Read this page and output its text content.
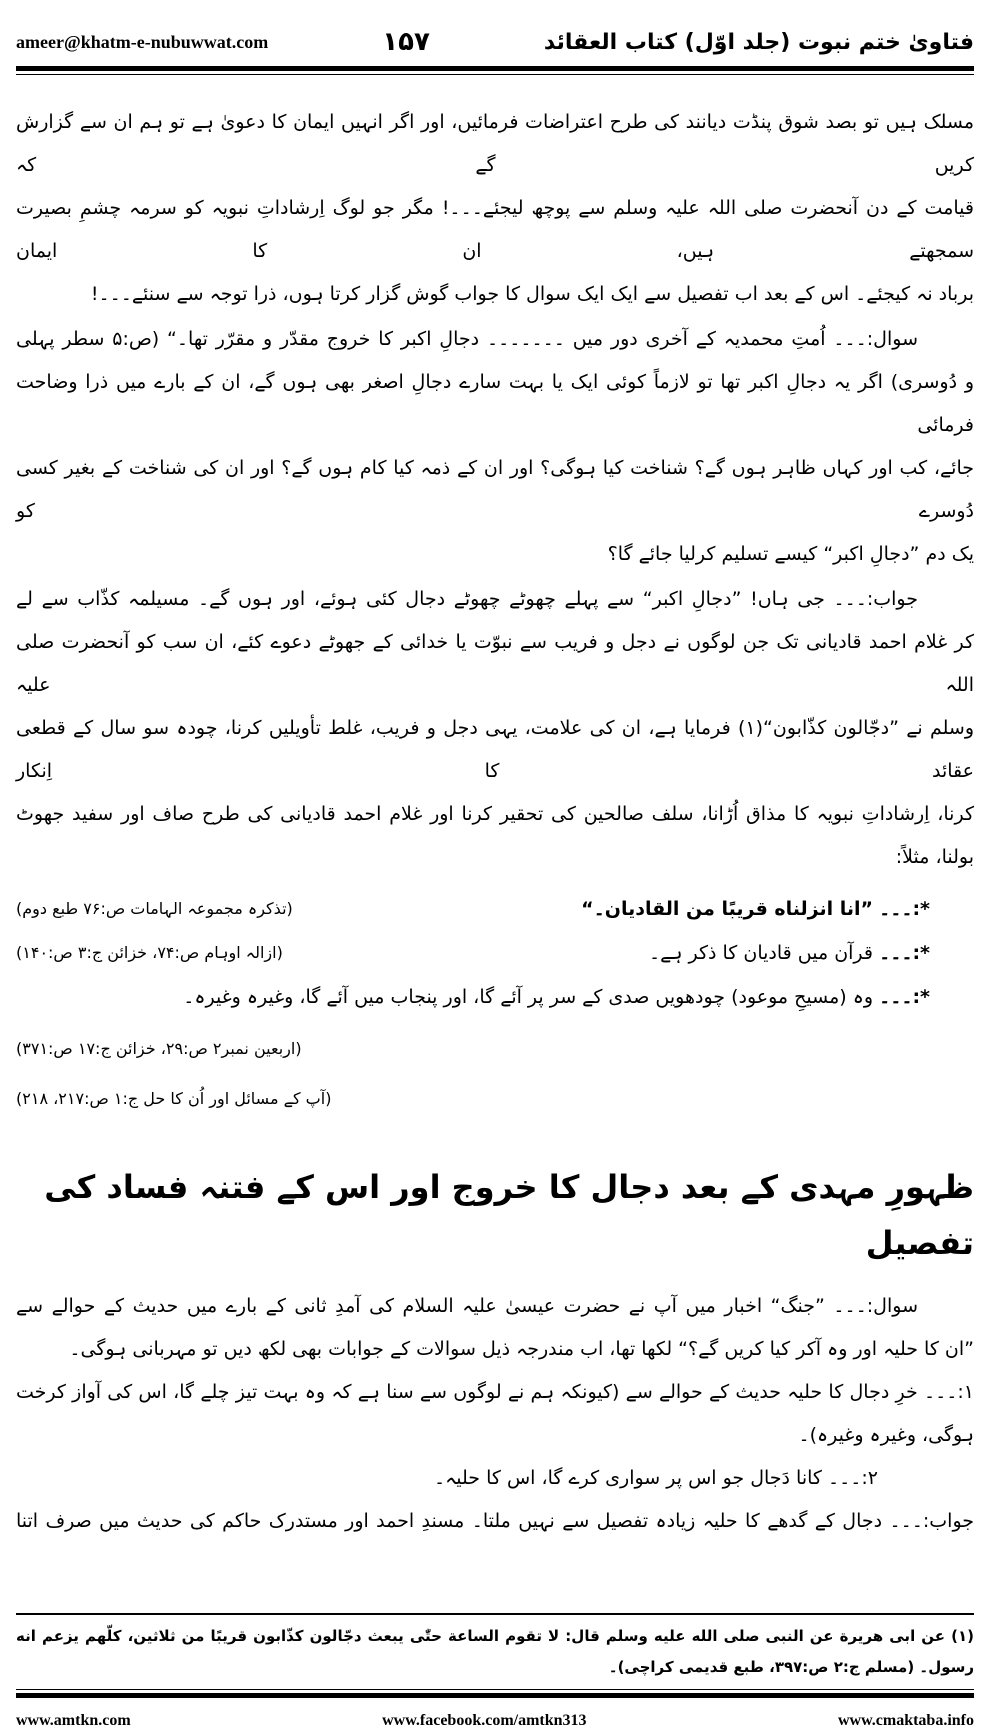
ameer@khatm-e-nubuwwat.com	۱۵۷	فتاویٰ ختم نبوت (جلد اوّل) کتاب العقائد
مسلک ہیں تو بصد شوق پنڈت دیانند کی طرح اعتراضات فرمائیں، اور اگر انہیں ایمان کا دعویٰ ہے تو ہم ان سے گزارش کریں گے کہ
قیامت کے دن آنحضرت صلی اللہ علیہ وسلم سے پوچھ لیجئے۔۔۔! مگر جو لوگ اِرشاداتِ نبویہ کو سرمہ چشمِ بصیرت سمجھتے ہیں، ان کا ایمان
برباد نہ کیجئے۔ اس کے بعد اب تفصیل سے ایک ایک سوال کا جواب گوش گزار کرتا ہوں، ذرا توجہ سے سنئے۔۔۔!
سوال:۔۔۔ اُمتِ محمدیہ کے آخری دور میں ۔۔۔۔۔۔۔ دجالِ اکبر کا خروج مقدّر و مقرّر تھا۔“ (ص:۵ سطر پہلی
و دُوسری) اگر یہ دجالِ اکبر تھا تو لازماً کوئی ایک یا بہت سارے دجالِ اصغر بھی ہوں گے، ان کے بارے میں ذرا وضاحت فرمائی
جائے، کب اور کہاں ظاہر ہوں گے؟ شناخت کیا ہوگی؟ اور ان کے ذمہ کیا کام ہوں گے؟ اور ان کی شناخت کے بغیر کسی دُوسرے کو
یک دم ”دجالِ اکبر“ کیسے تسلیم کرلیا جائے گا؟
جواب:۔۔۔ جی ہاں! ”دجالِ اکبر“ سے پہلے چھوٹے چھوٹے دجال کئی ہوئے، اور ہوں گے۔ مسیلمہ کذّاب سے لے
کر غلام احمد قادیانی تک جن لوگوں نے دجل و فریب سے نبوّت یا خدائی کے جھوٹے دعوے کئے، ان سب کو آنحضرت صلی اللہ علیہ
وسلم نے ”دجّالون کذّابون“(۱) فرمایا ہے، ان کی علامت، یہی دجل و فریب، غلط تأویلیں کرنا، چودہ سو سال کے قطعی عقائد کا اِنکار
کرنا، اِرشاداتِ نبویہ کا مذاق اُڑانا، سلف صالحین کی تحقیر کرنا اور غلام احمد قادیانی کی طرح صاف اور سفید جھوٹ بولنا، مثلاً:
*:۔۔۔ ”انا انزلناه قریبًا من القادیان۔“
(تذکرہ مجموعہ الہامات ص:۷۶ طبع دوم)
*:۔۔۔ قرآن میں قادیان کا ذکر ہے۔
(ازالہ اوہام ص:۷۴، خزائن ج:۳ ص:۱۴۰)
*:۔۔۔ وہ (مسیحِ موعود) چودھویں صدی کے سر پر آئے گا، اور پنجاب میں آئے گا، وغیرہ وغیرہ۔
(اربعین نمبر۲ ص:۲۹، خزائن ج:۱۷ ص:۳۷۱)
(آپ کے مسائل اور اُن کا حل ج:۱ ص:۲۱۷، ۲۱۸)
ظہورِ مہدی کے بعد دجال کا خروج اور اس کے فتنہ فساد کی تفصیل
سوال:۔۔۔ ”جنگ“ اخبار میں آپ نے حضرت عیسیٰ علیہ السلام کی آمدِ ثانی کے بارے میں حدیث کے حوالے سے
”ان کا حلیہ اور وہ آکر کیا کریں گے؟“ لکھا تھا، اب مندرجہ ذیل سوالات کے جوابات بھی لکھ دیں تو مہربانی ہوگی۔
۱:۔۔۔ خرِ دجال کا حلیہ حدیث کے حوالے سے (کیونکہ ہم نے لوگوں سے سنا ہے کہ وہ بہت تیز چلے گا، اس کی آواز کرخت
ہوگی، وغیرہ وغیرہ)۔
۲:۔۔۔ کانا دَجال جو اس پر سواری کرے گا، اس کا حلیہ۔
جواب:۔۔۔ دجال کے گدھے کا حلیہ زیادہ تفصیل سے نہیں ملتا۔ مسندِ احمد اور مستدرک حاکم کی حدیث میں صرف اتنا
(۱) عن ابی هریرة عن النبی صلی الله علیه وسلم قال: لا تقوم الساعة حتّٰی یبعث دجّالون کذّابون قریبًا من ثلاثین، کلّهم یزعم انه
رسول۔ (مسلم ج:۲ ص:۳۹۷، طبع قدیمی کراچی)۔
www.amtkn.com	www.facebook.com/amtkn313	www.cmaktaba.info
